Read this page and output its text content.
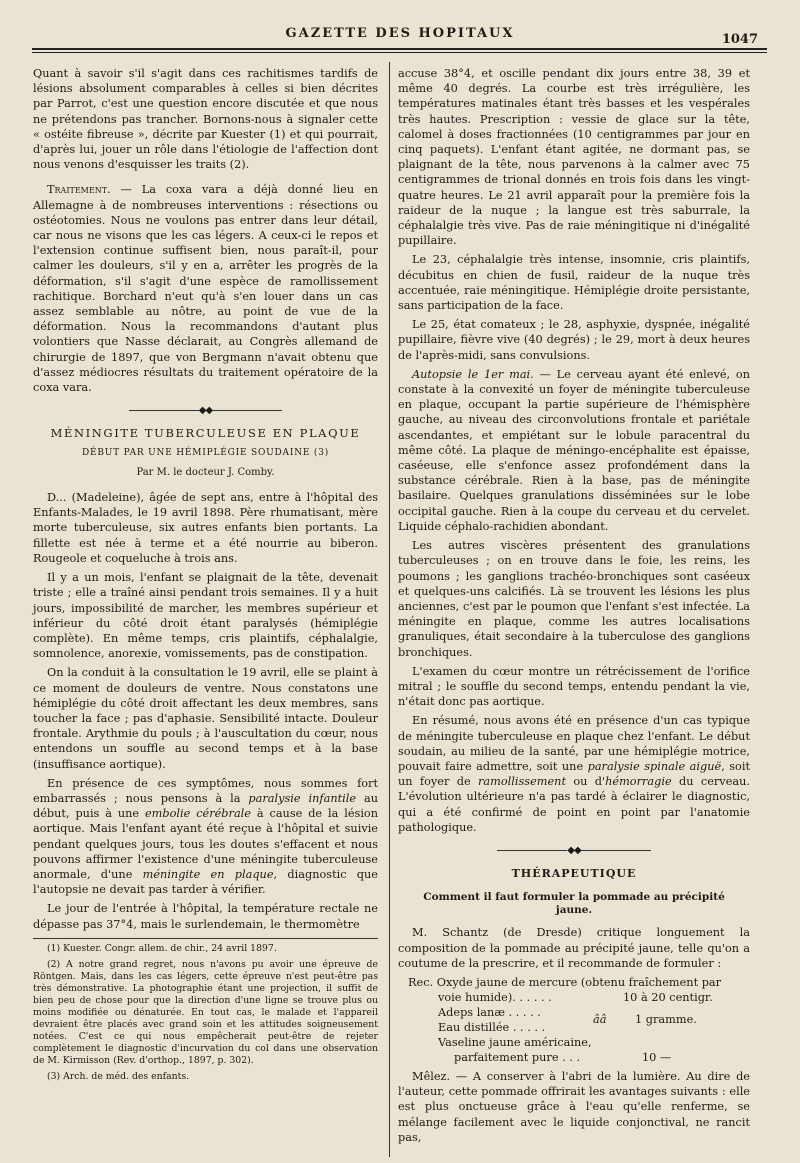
GAZETTE DES HOPITAUX	1047

Quant à savoir s'il s'agit dans ces rachitismes tardifs de lésions absolument comparables à celles si bien décrites par Parrot, c'est une question encore discutée et que nous ne prétendons pas trancher. Bornons-nous à signaler cette « ostéite fibreuse », décrite par Kuester (1) et qui pourrait, d'après lui, jouer un rôle dans l'étiologie de l'affection dont nous venons d'esquisser les traits (2).

Traitement. — La coxa vara a déjà donné lieu en Allemagne à de nombreuses interventions : résections ou ostéotomies. Nous ne voulons pas entrer dans leur détail, car nous ne visons que les cas légers. A ceux-ci le repos et l'extension continue suffisent bien, nous paraît-il, pour calmer les douleurs, s'il y en a, arrêter les progrès de la déformation, s'il s'agit d'une espèce de ramollissement rachitique. Borchard n'eut qu'à s'en louer dans un cas assez semblable au nôtre, au point de vue de la déformation. Nous la recommandons d'autant plus volontiers que Nasse déclarait, au Congrès allemand de chirurgie de 1897, que von Bergmann n'avait obtenu que d'assez médiocres résultats du traitement opératoire de la coxa vara.

◆◆
MÉNINGITE TUBERCULEUSE EN PLAQUE
DÉBUT PAR UNE HÉMIPLÉGIE SOUDAINE (3)
Par M. le docteur J. Comby.

D... (Madeleine), âgée de sept ans, entre à l'hôpital des Enfants-Malades, le 19 avril 1898. Père rhumatisant, mère morte tuberculeuse, six autres enfants bien portants. La fillette est née à terme et a été nourrie au biberon. Rougeole et coqueluche à trois ans.

Il y a un mois, l'enfant se plaignait de la tête, devenait triste ; elle a traîné ainsi pendant trois semaines. Il y a huit jours, impossibilité de marcher, les membres supérieur et inférieur du côté droit étant paralysés (hémiplégie complète). En même temps, cris plaintifs, céphalalgie, somnolence, anorexie, vomissements, pas de constipation.

On la conduit à la consultation le 19 avril, elle se plaint à ce moment de douleurs de ventre. Nous constatons une hémiplégie du côté droit affectant les deux membres, sans toucher la face ; pas d'aphasie. Sensibilité intacte. Douleur frontale. Arythmie du pouls ; à l'auscultation du cœur, nous entendons un souffle au second temps et à la base (insuffisance aortique).

En présence de ces symptômes, nous sommes fort embarrassés ; nous pensons à la paralysie infantile au début, puis à une embolie cérébrale à cause de la lésion aortique. Mais l'enfant ayant été reçue à l'hôpital et suivie pendant quelques jours, tous les doutes s'effacent et nous pouvons affirmer l'existence d'une méningite tuberculeuse anormale, d'une méningite en plaque, diagnostic que l'autopsie ne devait pas tarder à vérifier.

Le jour de l'entrée à l'hôpital, la température rectale ne dépasse pas 37°4, mais le surlendemain, le thermomètre

(1) Kuester. Congr. allem. de chir., 24 avril 1897.

(2) A notre grand regret, nous n'avons pu avoir une épreuve de Röntgen. Mais, dans les cas légers, cette épreuve n'est peut-être pas très démonstrative. La photographie étant une projection, il suffit de bien peu de chose pour que la direction d'une ligne se trouve plus ou moins modifiée ou dénaturée. En tout cas, le malade et l'appareil devraient être placés avec grand soin et les attitudes soigneusement notées. C'est ce qui nous empêcherait peut-être de rejeter complètement le diagnostic d'incurvation du col dans une observation de M. Kirmisson (Rev. d'orthop., 1897, p. 302).

(3) Arch. de méd. des enfants.

accuse 38°4, et oscille pendant dix jours entre 38, 39 et même 40 degrés. La courbe est très irrégulière, les températures matinales étant très basses et les vespérales très hautes. Prescription : vessie de glace sur la tête, calomel à doses fractionnées (10 centigrammes par jour en cinq paquets). L'enfant étant agitée, ne dormant pas, se plaignant de la tête, nous parvenons à la calmer avec 75 centigrammes de trional donnés en trois fois dans les vingt-quatre heures. Le 21 avril apparaît pour la première fois la raideur de la nuque ; la langue est très saburrale, la céphalalgie très vive. Pas de raie méningitique ni d'inégalité pupillaire.

Le 23, céphalalgie très intense, insomnie, cris plaintifs, décubitus en chien de fusil, raideur de la nuque très accentuée, raie méningitique. Hémiplégie droite persistante, sans participation de la face.

Le 25, état comateux ; le 28, asphyxie, dyspnée, inégalité pupillaire, fièvre vive (40 degrés) ; le 29, mort à deux heures de l'après-midi, sans convulsions.

Autopsie le 1er mai. — Le cerveau ayant été enlevé, on constate à la convexité un foyer de méningite tuberculeuse en plaque, occupant la partie supérieure de l'hémisphère gauche, au niveau des circonvolutions frontale et pariétale ascendantes, et empiétant sur le lobule paracentral du même côté. La plaque de méningo-encéphalite est épaisse, caséeuse, elle s'enfonce assez profondément dans la substance cérébrale. Rien à la base, pas de méningite basilaire. Quelques granulations disséminées sur le lobe occipital gauche. Rien à la coupe du cerveau et du cervelet. Liquide céphalo-rachidien abondant.

Les autres viscères présentent des granulations tuberculeuses ; on en trouve dans le foie, les reins, les poumons ; les ganglions trachéo-bronchiques sont caséeux et quelques-uns calcifiés. Là se trouvent les lésions les plus anciennes, c'est par le poumon que l'enfant s'est infectée. La méningite en plaque, comme les autres localisations granuliques, était secondaire à la tuberculose des ganglions bronchiques.

L'examen du cœur montre un rétrécissement de l'orifice mitral ; le souffle du second temps, entendu pendant la vie, n'était donc pas aortique.

En résumé, nous avons été en présence d'un cas typique de méningite tuberculeuse en plaque chez l'enfant. Le début soudain, au milieu de la santé, par une hémiplégie motrice, pouvait faire admettre, soit une paralysie spinale aiguë, soit un foyer de ramollissement ou d'hémorragie du cerveau. L'évolution ultérieure n'a pas tardé à éclairer le diagnostic, qui a été confirmé de point en point par l'anatomie pathologique.

◆◆
THÉRAPEUTIQUE
Comment il faut formuler la pommade au précipité jaune.

M. Schantz (de Dresde) critique longuement la composition de la pommade au précipité jaune, telle qu'on a coutume de la prescrire, et il recommande de formuler :

Rec. Oxyde jaune de mercure (obtenu fraîchement par
voie humide). . . . . .	10 à 20 centigr.
Adeps lanæ . . . . .
ââ	1 gramme.
Eau distillée . . . . .
Vaseline jaune américaine,
parfaitement pure . . .	10 —

Mêlez. — A conserver à l'abri de la lumière. Au dire de l'auteur, cette pommade offrirait les avantages suivants : elle est plus onctueuse grâce à l'eau qu'elle renferme, se mélange facilement avec le liquide conjonctival, ne rancit pas,
